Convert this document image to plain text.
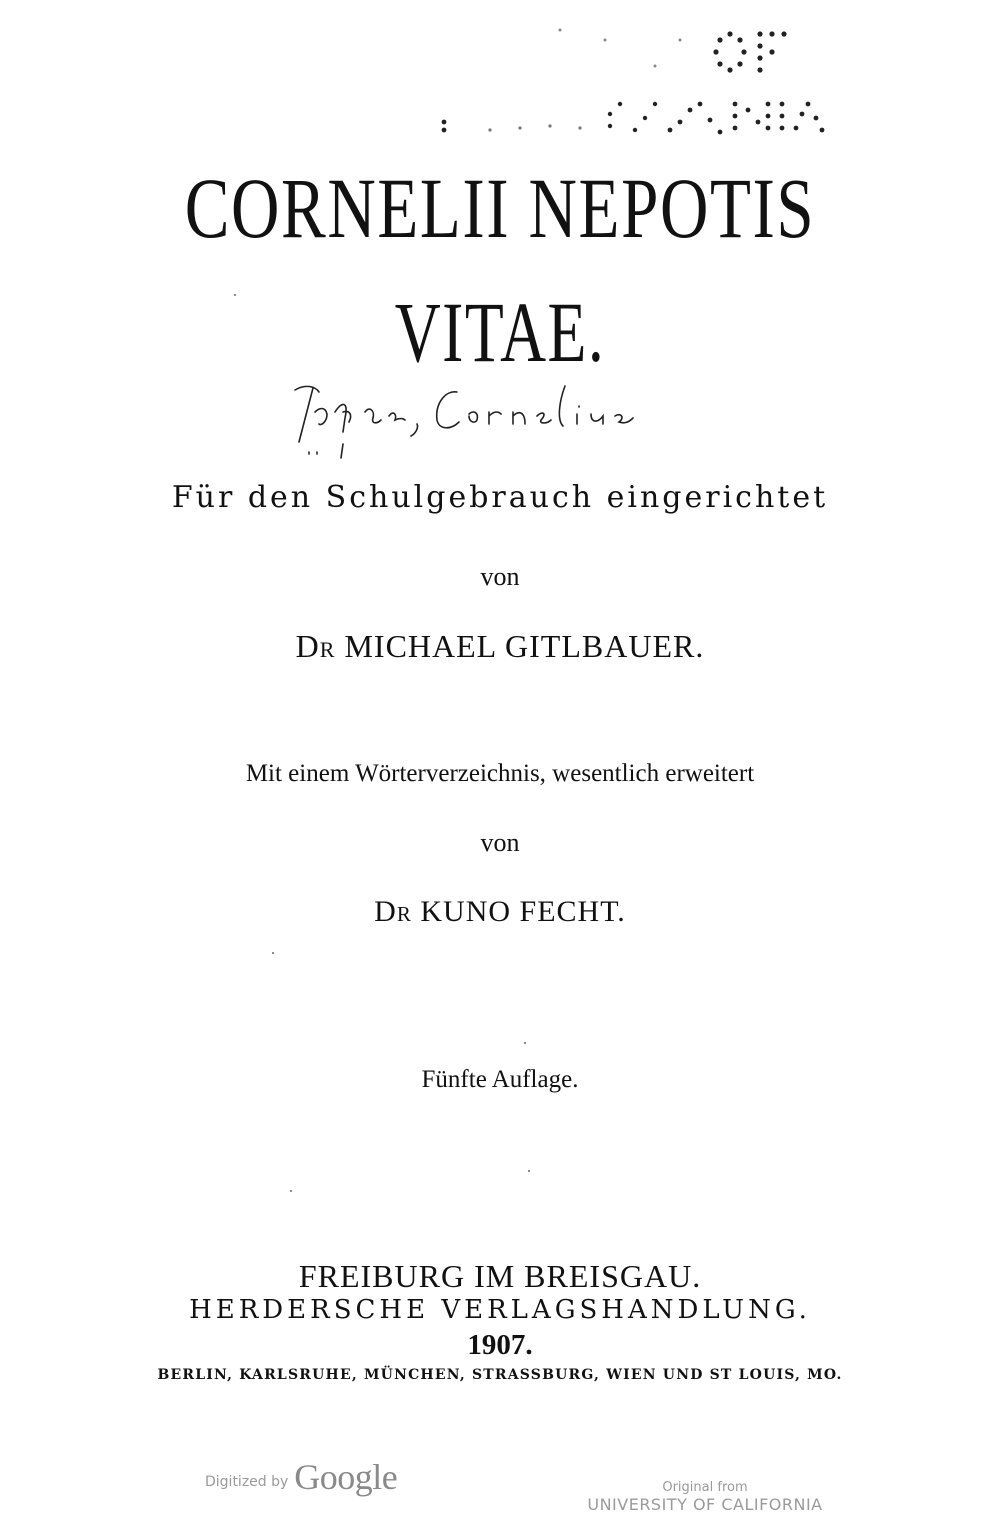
OF
CALIFORNIA
CORNELII NEPOTIS
VITAE.
Nepos, Cornelius
Für den Schulgebrauch eingerichtet
von
DR MICHAEL GITLBAUER.
Mit einem Wörterverzeichnis, wesentlich erweitert
von
DR KUNO FECHT.
Fünfte Auflage.
FREIBURG IM BREISGAU.
HERDERSCHE VERLAGSHANDLUNG.
1907.
BERLIN, KARLSRUHE, MÜNCHEN, STRASSBURG, WIEN UND ST LOUIS, MO.
Digitized by Google	Original from
UNIVERSITY OF CALIFORNIA
